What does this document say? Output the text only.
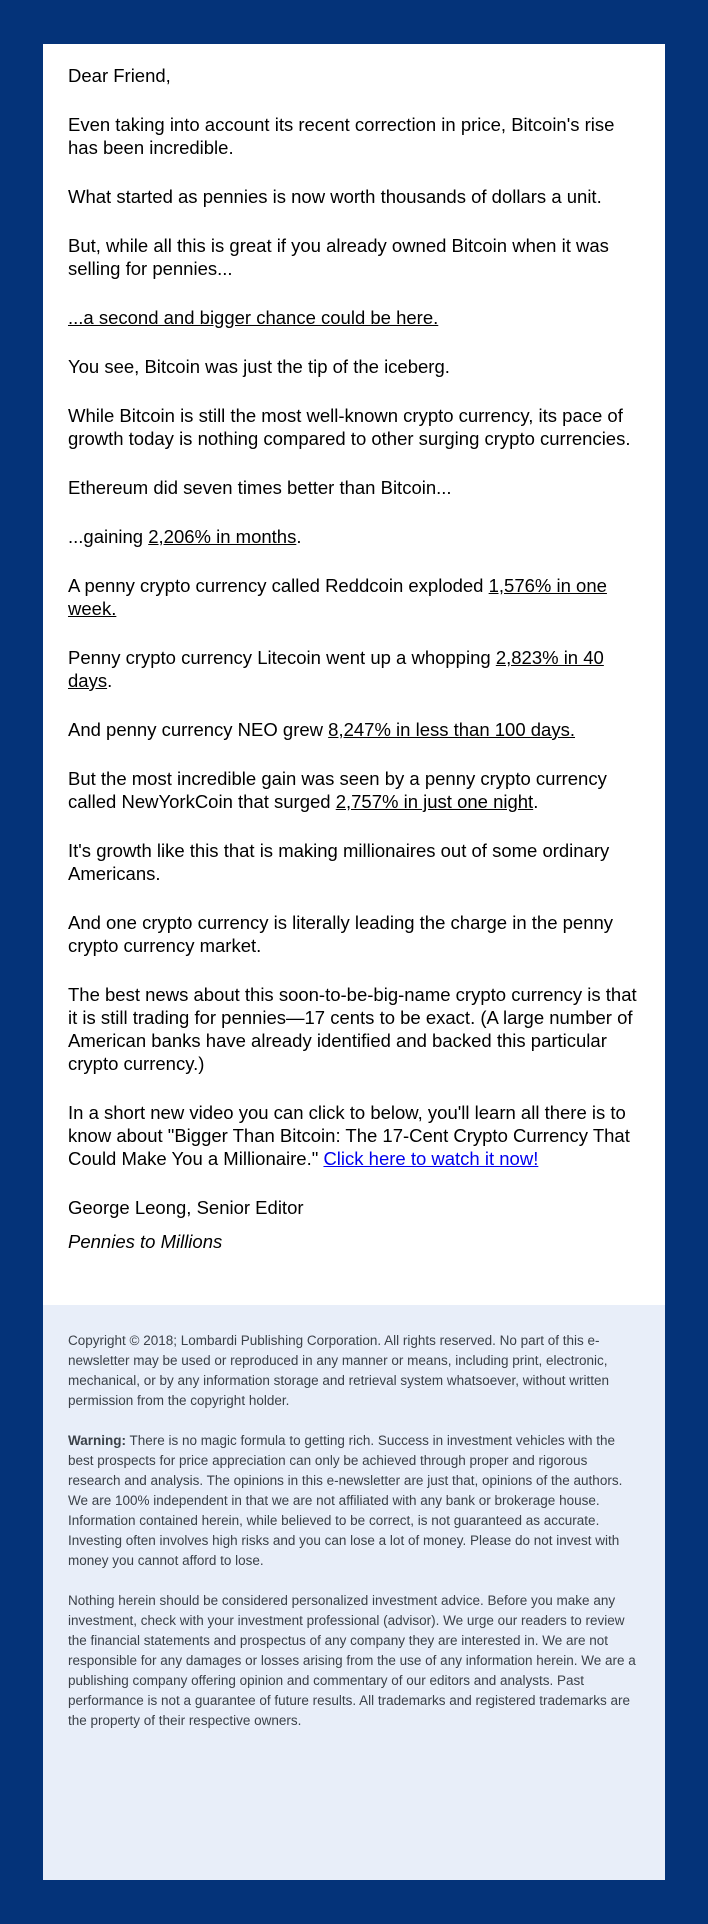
Dear Friend,

Even taking into account its recent correction in price, Bitcoin's rise has been incredible.

What started as pennies is now worth thousands of dollars a unit.

But, while all this is great if you already owned Bitcoin when it was selling for pennies...

...a second and bigger chance could be here.

You see, Bitcoin was just the tip of the iceberg.

While Bitcoin is still the most well-known crypto currency, its pace of growth today is nothing compared to other surging crypto currencies.

Ethereum did seven times better than Bitcoin...

...gaining 2,206% in months.

A penny crypto currency called Reddcoin exploded 1,576% in one week.

Penny crypto currency Litecoin went up a whopping 2,823% in 40 days.

And penny currency NEO grew 8,247% in less than 100 days.

But the most incredible gain was seen by a penny crypto currency called NewYorkCoin that surged 2,757% in just one night.

It's growth like this that is making millionaires out of some ordinary Americans.

And one crypto currency is literally leading the charge in the penny crypto currency market.

The best news about this soon-to-be-big-name crypto currency is that it is still trading for pennies—17 cents to be exact. (A large number of American banks have already identified and backed this particular crypto currency.)

In a short new video you can click to below, you'll learn all there is to know about "Bigger Than Bitcoin: The 17-Cent Crypto Currency That Could Make You a Millionaire." Click here to watch it now!

George Leong, Senior Editor

Pennies to Millions

Copyright © 2018; Lombardi Publishing Corporation. All rights reserved. No part of this e-newsletter may be used or reproduced in any manner or means, including print, electronic, mechanical, or by any information storage and retrieval system whatsoever, without written permission from the copyright holder.

Warning: There is no magic formula to getting rich. Success in investment vehicles with the best prospects for price appreciation can only be achieved through proper and rigorous research and analysis. The opinions in this e-newsletter are just that, opinions of the authors. We are 100% independent in that we are not affiliated with any bank or brokerage house. Information contained herein, while believed to be correct, is not guaranteed as accurate. Investing often involves high risks and you can lose a lot of money. Please do not invest with money you cannot afford to lose.

Nothing herein should be considered personalized investment advice. Before you make any investment, check with your investment professional (advisor). We urge our readers to review the financial statements and prospectus of any company they are interested in. We are not responsible for any damages or losses arising from the use of any information herein. We are a publishing company offering opinion and commentary of our editors and analysts. Past performance is not a guarantee of future results. All trademarks and registered trademarks are the property of their respective owners.
